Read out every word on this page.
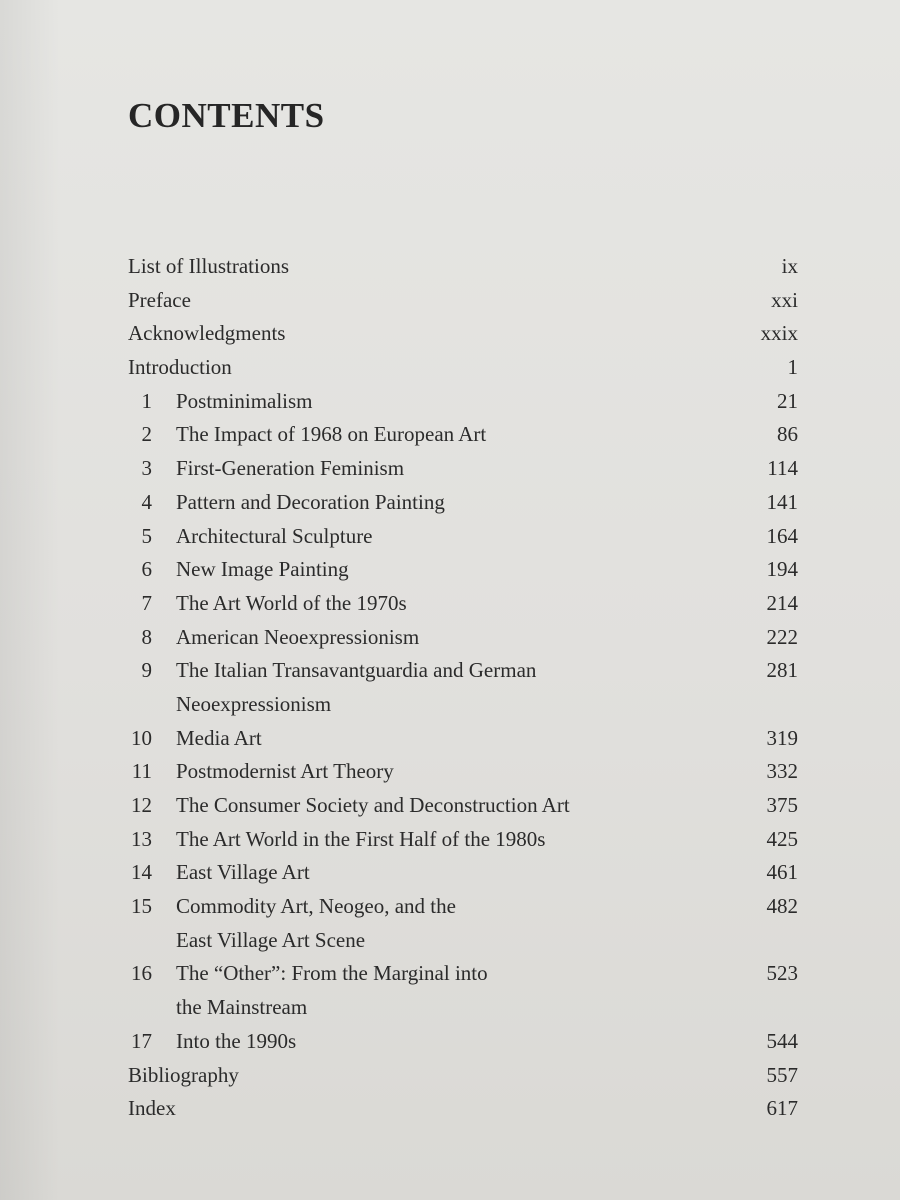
CONTENTS
List of Illustrations	ix
Preface	xxi
Acknowledgments	xxix
Introduction	1
1 Postminimalism	21
2 The Impact of 1968 on European Art	86
3 First-Generation Feminism	114
4 Pattern and Decoration Painting	141
5 Architectural Sculpture	164
6 New Image Painting	194
7 The Art World of the 1970s	214
8 American Neoexpressionism	222
9 The Italian Transavantguardia and German	281
Neoexpressionism
10 Media Art	319
11 Postmodernist Art Theory	332
12 The Consumer Society and Deconstruction Art	375
13 The Art World in the First Half of the 1980s	425
14 East Village Art	461
15 Commodity Art, Neogeo, and the	482
East Village Art Scene
16 The “Other”: From the Marginal into	523
the Mainstream
17 Into the 1990s	544
Bibliography	557
Index	617
